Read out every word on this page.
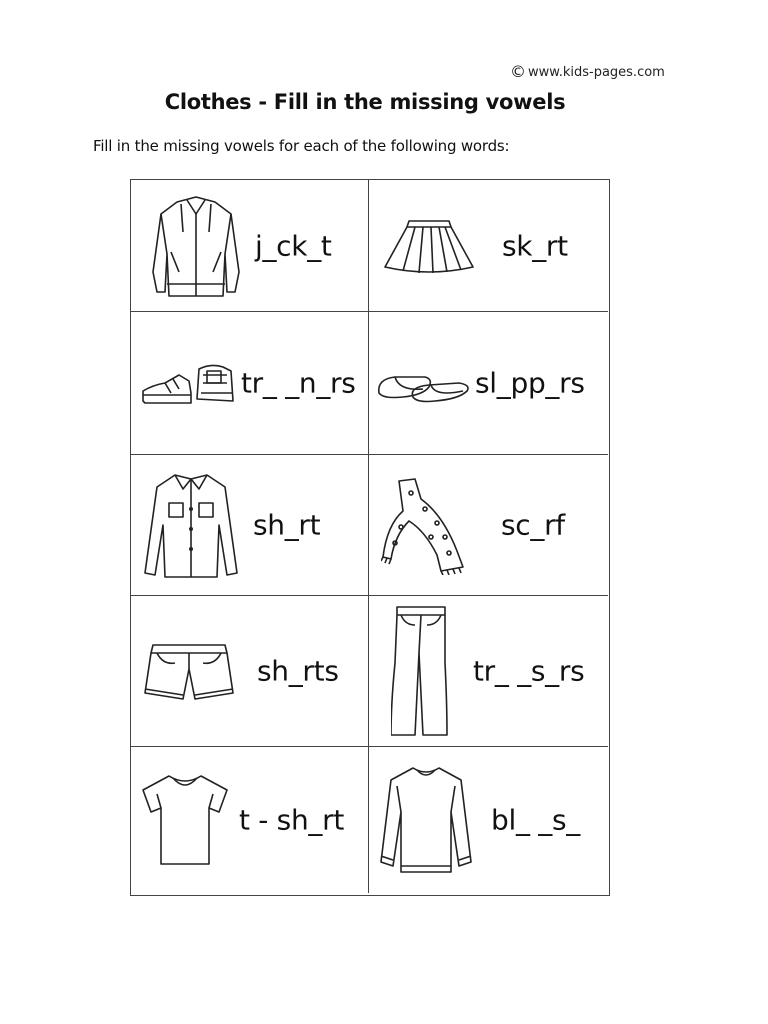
© www.kids-pages.com
Clothes - Fill in the missing vowels
Fill in the missing vowels for each of the following words:
j_ck_t	sk_rt
tr_ _n_rs	sl_pp_rs
sh_rt	sc_rf
sh_rts	tr_ _s_rs
t - sh_rt	bl_ _s_
